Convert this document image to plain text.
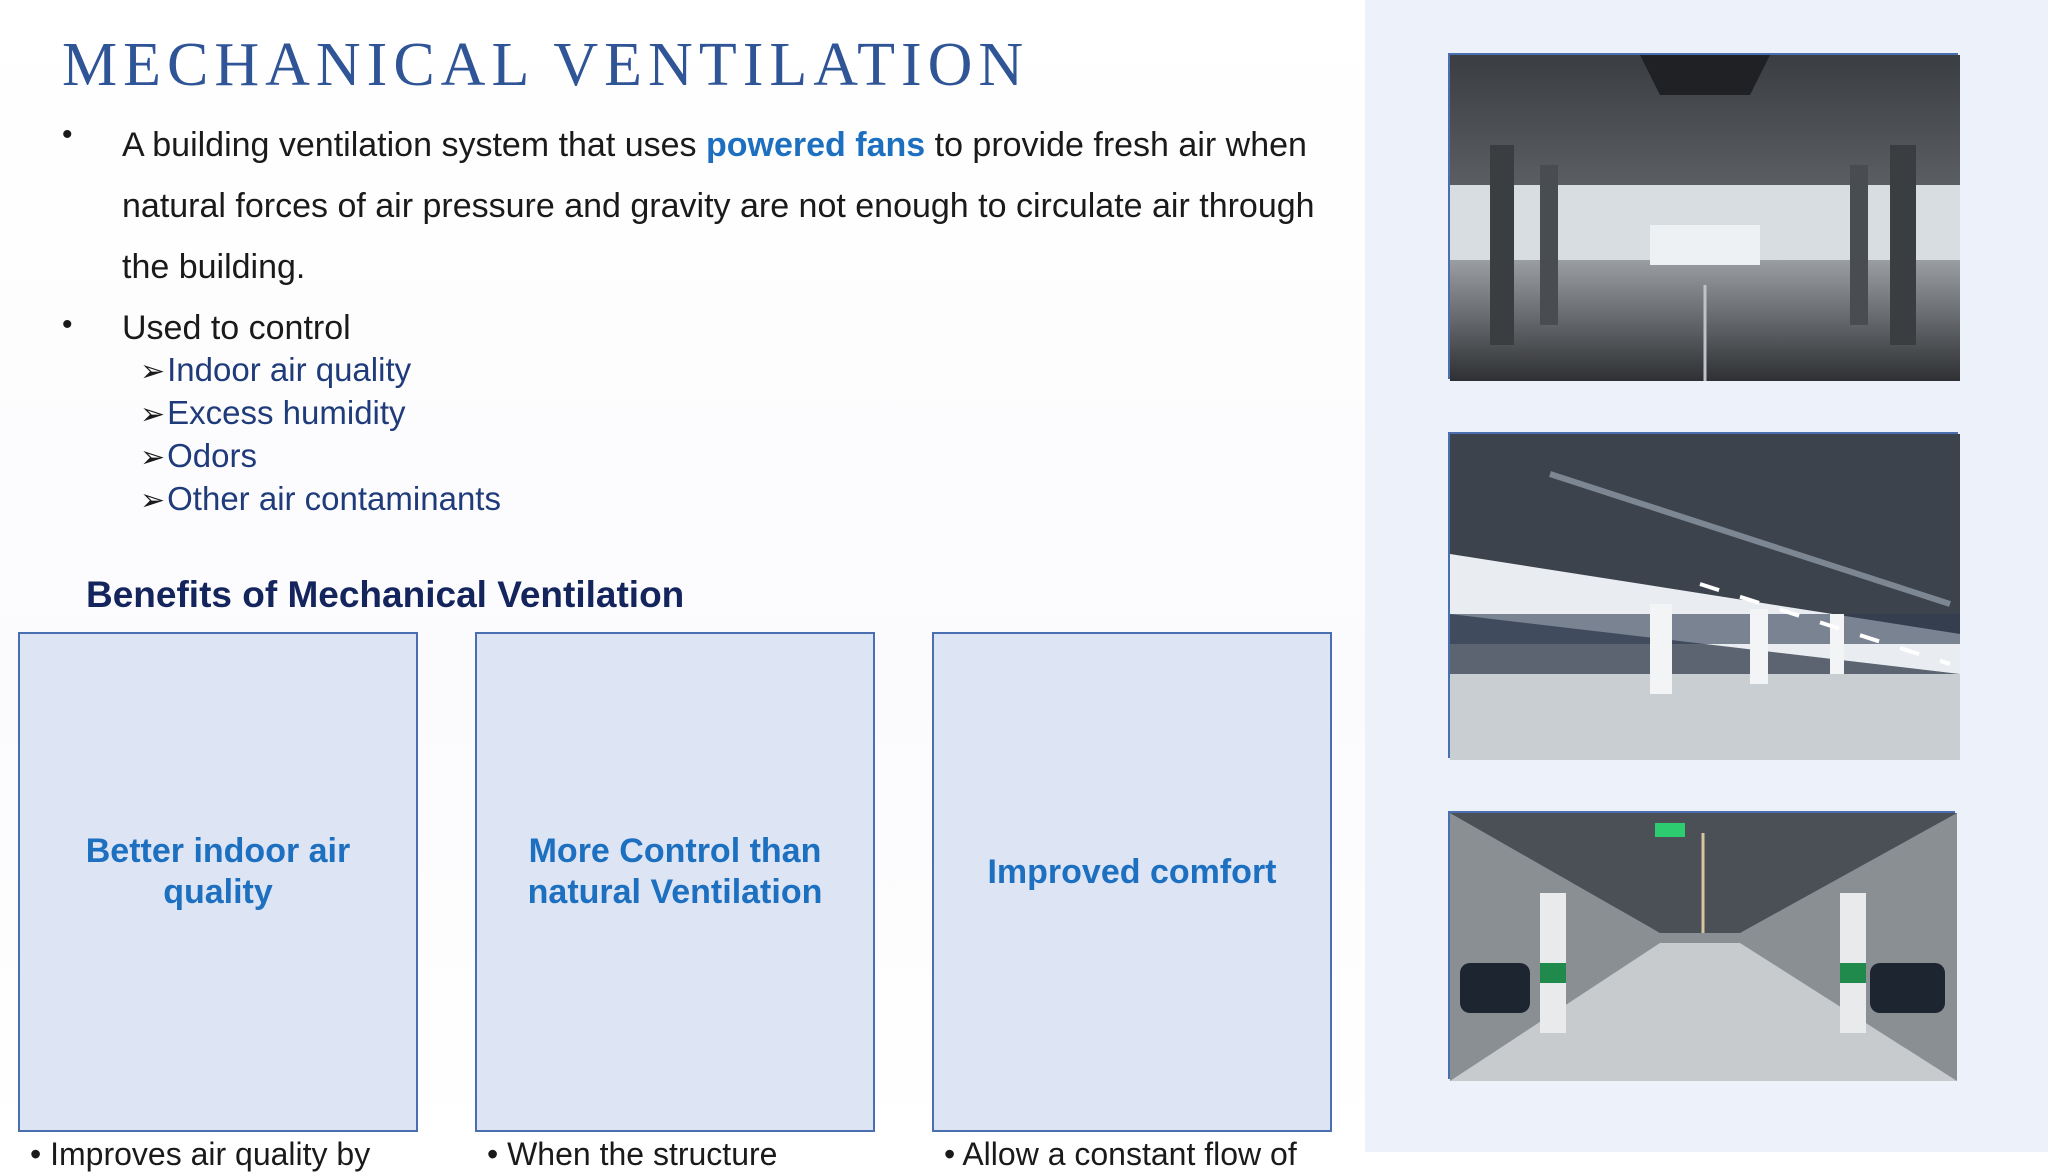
MECHANICAL VENTILATION
• A building ventilation system that uses powered fans to provide fresh air when natural forces of air pressure and gravity are not enough to circulate air through the building.
• Used to control
➢Indoor air quality
➢Excess humidity
➢Odors
➢Other air contaminants
Benefits of Mechanical Ventilation
Better indoor air quality
More Control than natural Ventilation
Improved comfort
• Improves air quality by	• When the structure	• Allow a constant flow of
